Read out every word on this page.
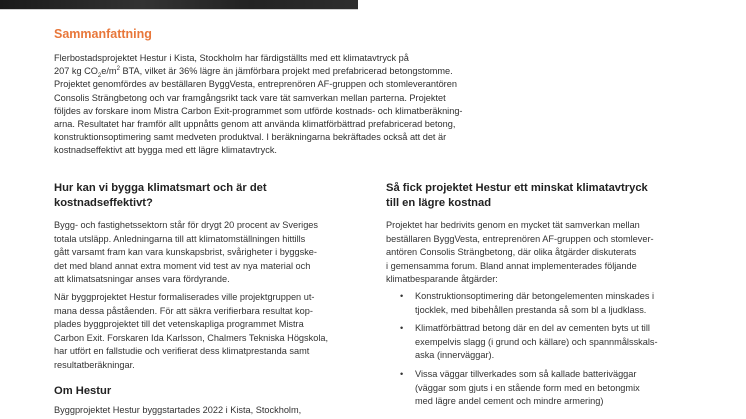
Sammanfattning
Flerbostadsprojektet Hestur i Kista, Stockholm har färdigställts med ett klimatavtryck på
207 kg $CO_2e/m^2$ BTA, vilket är 36% lägre än jämförbara projekt med prefabricerad betongstomme.
Projektet genomfördes av beställaren ByggVesta, entreprenören AF-gruppen och stomleverantören
Consolis Strängbetong och var framgångsrikt tack vare tät samverkan mellan parterna. Projektet
följdes av forskare inom Mistra Carbon Exit-programmet som utförde kostnads- och klimatberäkning-
arna. Resultatet har framför allt uppnåtts genom att använda klimatförbättrad prefabricerad betong,
konstruktionsoptimering samt medveten produktval. I beräkningarna bekräftades också att det är
kostnadseffektivt att bygga med ett lägre klimatavtryck.
Hur kan vi bygga klimatsmart och är det
kostnadseffektivt?
Bygg- och fastighetssektorn står för drygt 20 procent av Sveriges
totala utsläpp. Anledningarna till att klimatomställningen hittills
gått varsamt fram kan vara kunskapsbrist, svårigheter i byggske-
det med bland annat extra moment vid test av nya material och
att klimatsatsningar anses vara fördyrande.
När byggprojektet Hestur formaliserades ville projektgruppen ut-
mana dessa påståenden. För att säkra verifierbara resultat kop-
plades byggprojektet till det vetenskapliga programmet Mistra
Carbon Exit. Forskaren Ida Karlsson, Chalmers Tekniska Högskola,
har utfört en fallstudie och verifierat dess klimatprestanda samt
resultatberäkningar.
Om Hestur
Byggprojektet Hestur byggstartades 2022 i Kista, Stockholm,
Så fick projektet Hestur ett minskat klimatavtryck
till en lägre kostnad
Projektet har bedrivits genom en mycket tät samverkan mellan
beställaren ByggVesta, entreprenören AF-gruppen och stomlever-
antören Consolis Strängbetong, där olika åtgärder diskuterats
i gemensamma forum. Bland annat implementerades följande
klimatbesparande åtgärder:
• Konstruktionsoptimering där betongelementen minskades i
tjocklek, med bibehållen prestanda så som bl a ljudklass.
• Klimatförbättrad betong där en del av cementen byts ut till
exempelvis slagg (i grund och källare) och spannmålsskals-
aska (innerväggar).
• Vissa väggar tillverkades som så kallade batteriväggar
(väggar som gjuts i en stående form med en betongmix
med lägre andel cement och mindre armering)
